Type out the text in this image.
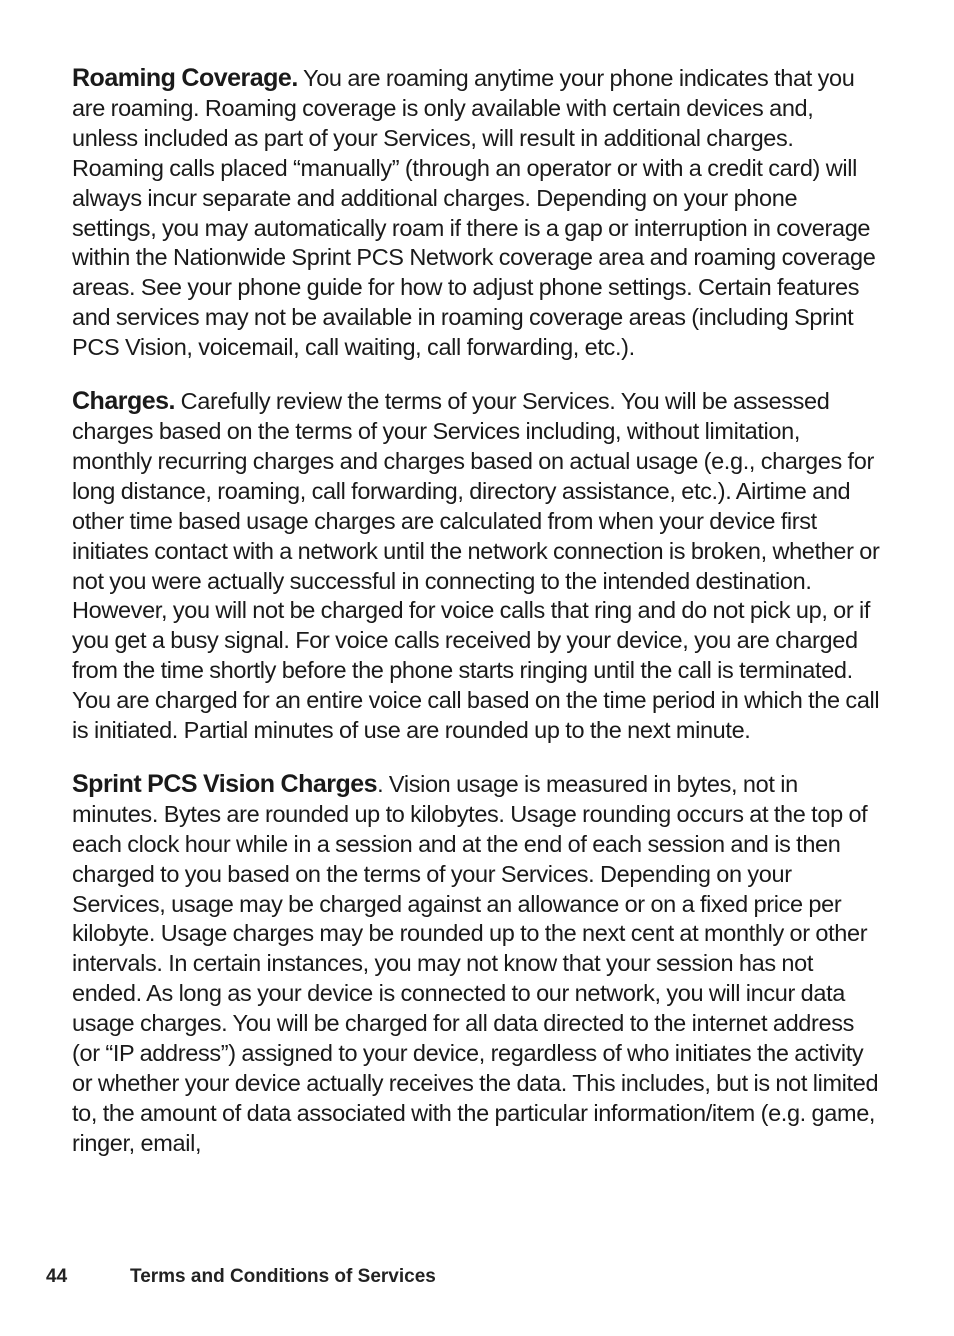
Roaming Coverage. You are roaming anytime your phone indicates that you are roaming. Roaming coverage is only available with certain devices and, unless included as part of your Services, will result in additional charges. Roaming calls placed “manually” (through an operator or with a credit card) will always incur separate and additional charges. Depending on your phone settings, you may automatically roam if there is a gap or interruption in coverage within the Nationwide Sprint PCS Network coverage area and roaming coverage areas. See your phone guide for how to adjust phone settings. Certain features and services may not be available in roaming coverage areas (including Sprint PCS Vision, voicemail, call waiting, call forwarding, etc.).

Charges. Carefully review the terms of your Services. You will be assessed charges based on the terms of your Services including, without limitation, monthly recurring charges and charges based on actual usage (e.g., charges for long distance, roaming, call forwarding, directory assistance, etc.). Airtime and other time based usage charges are calculated from when your device first initiates contact with a network until the network connection is broken, whether or not you were actually successful in connecting to the intended destination. However, you will not be charged for voice calls that ring and do not pick up, or if you get a busy signal. For voice calls received by your device, you are charged from the time shortly before the phone starts ringing until the call is terminated. You are charged for an entire voice call based on the time period in which the call is initiated. Partial minutes of use are rounded up to the next minute.

Sprint PCS Vision Charges. Vision usage is measured in bytes, not in minutes. Bytes are rounded up to kilobytes. Usage rounding occurs at the top of each clock hour while in a session and at the end of each session and is then charged to you based on the terms of your Services. Depending on your Services, usage may be charged against an allowance or on a fixed price per kilobyte. Usage charges may be rounded up to the next cent at monthly or other intervals. In certain instances, you may not know that your session has not ended. As long as your device is connected to our network, you will incur data usage charges. You will be charged for all data directed to the internet address (or “IP address”) assigned to your device, regardless of who initiates the activity or whether your device actually receives the data. This includes, but is not limited to, the amount of data associated with the particular information/item (e.g. game, ringer, email,

44	Terms and Conditions of Services
